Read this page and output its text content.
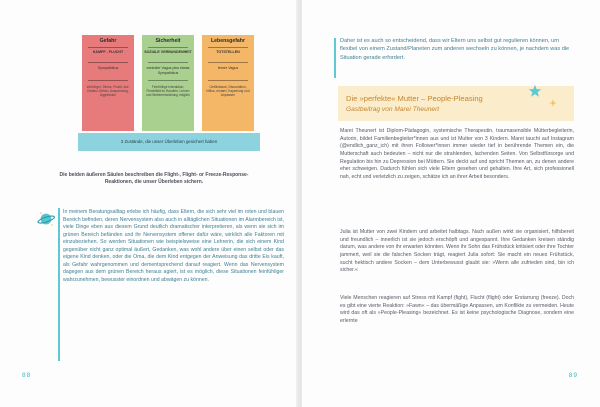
Gefahr
KAMPF - FLUCHT
Sympathikus
Wut/Ärger, Stress, Flucht, Auf-Distanz-Gehen, Anspannung, Aggression
Sicherheit
SOZIALE VERBUNDENHEIT
ventraler Vagus plus etwas Sympathikus
Feinfühlige Interaktion, Flexibilität im Handeln, Lernen und Weiterentwicklung möglich
Lebensgefahr
TOTSTELLEN
ferner Vagus
Gefühlstaub, Dissoziation, hilflos, erstarrt, Kapselung und Anpassen
3 Zustände, die unser Überleben gesichert haben
Die beiden äußeren Säulen beschreiben die Flight-, Flight- or Freeze-Response-Reaktionen, die unser Überleben sichern.
In meinem Beratungsalltag erlebe ich häufig, dass Eltern, die sich sehr viel im roten und blauen Bereich befinden, deren Nervensystem also auch in alltäglichen Situationen im Alarmbereich ist, viele Dinge eben aus diesem Grund deutlich dramatischer interpretieren, als wenn sie sich im grünen Bereich befänden und ihr Nervensystem offener dafür wäre, wirklich alle Faktoren mit einzubeziehen. So werden Situationen wie beispielsweise eine Lehrerin, die sich einem Kind gegenüber nicht ganz optimal äußert, Gedanken, was wohl andere über einen selbst oder das eigene Kind denken, oder die Oma, die dem Kind entgegen der Anweisung das dritte Eis kauft, als Gefahr wahrgenommen und dementsprechend darauf reagiert. Wenn das Nervensystem dagegen aus dem grünen Bereich heraus agiert, ist es möglich, diese Situationen feinfühliger wahrzunehmen, bewusster einordnen und abwägen zu können.
88
Daher ist es auch so entscheidend, dass wir Eltern uns selbst gut regulieren können, um flexibel von einem Zustand/Planeten zum anderen wechseln zu können, je nachdem was die Situation gerade erfordert.
Die »perfekte« Mutter – People-Pleasing
Gastbeitrag von Marei Theunert
Marei Theunert ist Diplom-Pädagogin, systemische Therapeutin, traumasensible Mütterbegleiterin, Autorin, bildet Familienbegleiter*innen aus und ist Mutter von 3 Kindern. Marei taucht auf Instagram (@endlich_ganz_ich) mit ihren Follower*innen immer wieder tief in berührende Themen ein, die Mutterschaft auch bedeuten – nicht nur die strahlenden, lachenden Seiten. Von Selbstfürsorge und Regulation bis hin zu Depression bei Müttern. Sie deckt auf und spricht Themen an, zu denen andere eher schweigen. Dadurch fühlen sich viele Eltern gesehen und gehalten. Ihre Art, sich professionell nah, echt und verletzlich zu zeigen, schätze ich an ihrer Arbeit besonders.
Julia ist Mutter von zwei Kindern und arbeitet halbtags. Nach außen wirkt sie organisiert, hilfsbereit und freundlich – innerlich ist sie jedoch erschöpft und angespannt. Ihre Gedanken kreisen ständig darum, was andere von ihr erwarten könnten. Wenn ihr Sohn das Frühstück kritisiert oder ihre Tochter jammert, weil sie die falschen Socken trägt, reagiert Julia sofort: Sie macht ein neues Frühstück, sucht hektisch andere Socken – dem Unterbewusst glaubt sie: »Wenn alle zufrieden sind, bin ich sicher.«
Viele Menschen reagieren auf Stress mit Kampf (fight), Flucht (flight) oder Erstarrung (freeze). Doch es gibt eine vierte Reaktion: »Fawn« – das übermäßige Anpassen, um Konflikte zu vermeiden. Heute wird das oft als »People-Pleasing« bezeichnet. Es ist keine psychologische Diagnose, sondern eine erlernte
89
